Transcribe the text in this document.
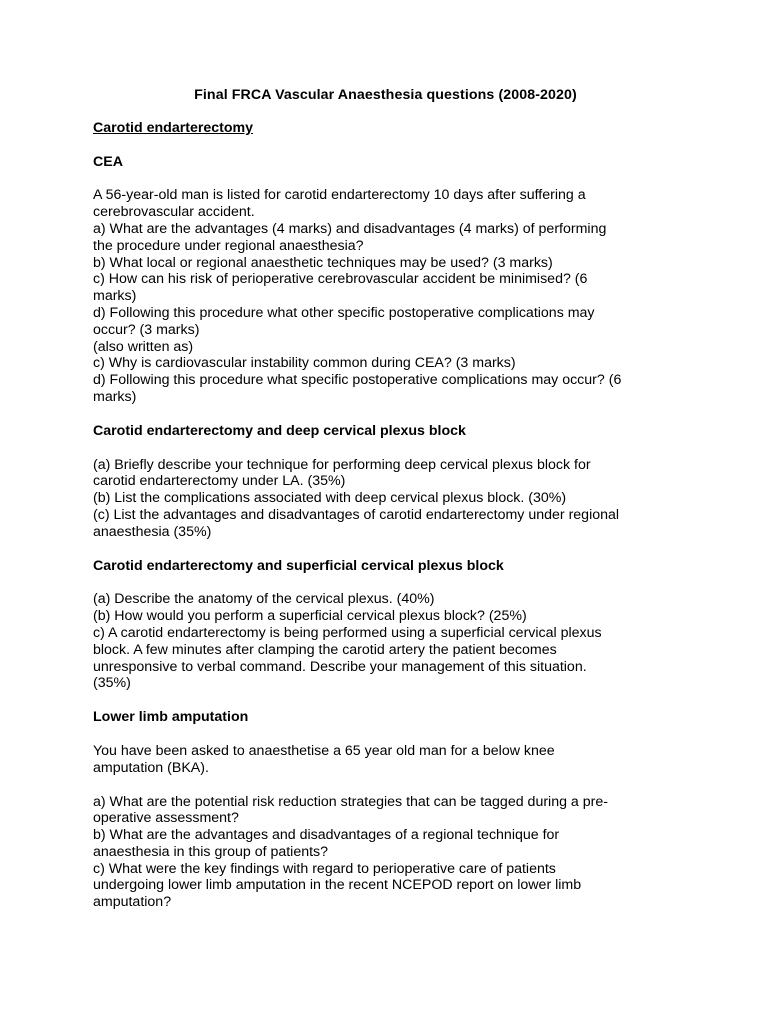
Final FRCA Vascular Anaesthesia questions (2008-2020)
Carotid endarterectomy
CEA
A 56-year-old man is listed for carotid endarterectomy 10 days after suffering a
cerebrovascular accident.
a) What are the advantages (4 marks) and disadvantages (4 marks) of performing
the procedure under regional anaesthesia?
b) What local or regional anaesthetic techniques may be used? (3 marks)
c) How can his risk of perioperative cerebrovascular accident be minimised? (6
marks)
d) Following this procedure what other specific postoperative complications may
occur? (3 marks)
(also written as)
c) Why is cardiovascular instability common during CEA? (3 marks)
d) Following this procedure what specific postoperative complications may occur? (6
marks)
Carotid endarterectomy and deep cervical plexus block
(a) Briefly describe your technique for performing deep cervical plexus block for
carotid endarterectomy under LA. (35%)
(b) List the complications associated with deep cervical plexus block. (30%)
(c) List the advantages and disadvantages of carotid endarterectomy under regional
anaesthesia (35%)
Carotid endarterectomy and superficial cervical plexus block
(a) Describe the anatomy of the cervical plexus. (40%)
(b) How would you perform a superficial cervical plexus block? (25%)
c) A carotid endarterectomy is being performed using a superficial cervical plexus
block. A few minutes after clamping the carotid artery the patient becomes
unresponsive to verbal command. Describe your management of this situation.
(35%)
Lower limb amputation
You have been asked to anaesthetise a 65 year old man for a below knee
amputation (BKA).
a) What are the potential risk reduction strategies that can be tagged during a pre-
operative assessment?
b) What are the advantages and disadvantages of a regional technique for
anaesthesia in this group of patients?
c) What were the key findings with regard to perioperative care of patients
undergoing lower limb amputation in the recent NCEPOD report on lower limb
amputation?
